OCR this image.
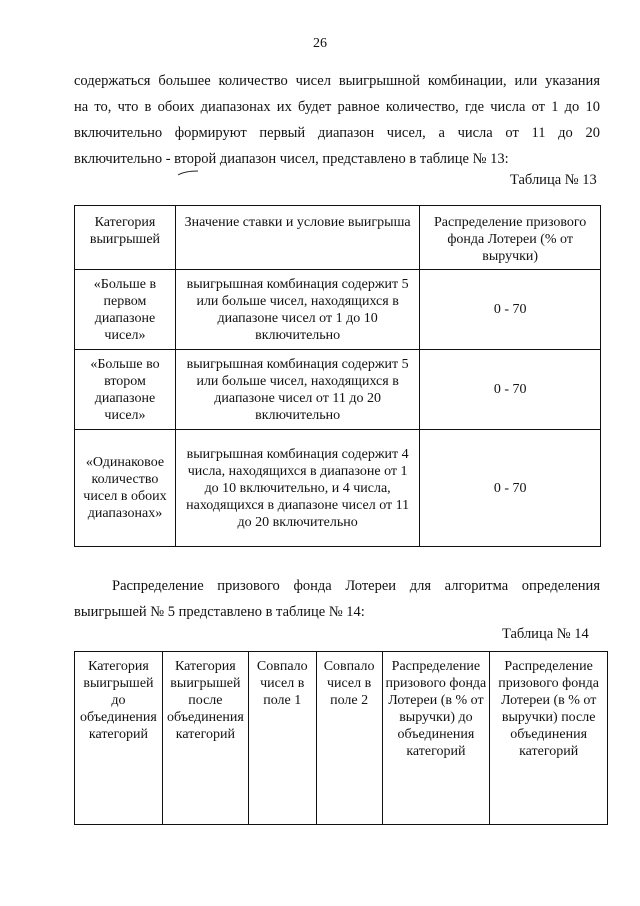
26

содержаться большее количество чисел выигрышной комбинации, или указания

на то, что в обоих диапазонах их будет равное количество, где числа от 1 до 10

включительно формируют первый диапазон чисел, а числа от 11 до 20

включительно - второй диапазон чисел, представлено в таблице № 13:

Таблица № 13
Категория выигрышей	Значение ставки и условие выигрыша	Распределение призового фонда Лотереи (% от выручки)
«Больше в первом диапазоне чисел»	выигрышная комбинация содержит 5 или больше чисел, находящихся в диапазоне чисел от 1 до 10 включительно	0 - 70
«Больше во втором диапазоне чисел»	выигрышная комбинация содержит 5 или больше чисел, находящихся в диапазоне чисел от 11 до 20 включительно	0 - 70
«Одинаковое количество чисел в обоих диапазонах»	выигрышная комбинация содержит 4 числа, находящихся в диапазоне от 1 до 10 включительно, и 4 числа, находящихся в диапазоне чисел от 11 до 20 включительно	0 - 70

Распределение призового фонда Лотереи для алгоритма определения

выигрышей № 5 представлено в таблице № 14:

Таблица № 14
Категория выигрышей до объединения категорий	Категория выигрышей после объединения категорий	Совпало чисел в поле 1	Совпало чисел в поле 2	Распределение призового фонда Лотереи (в % от выручки) до объединения категорий	Распределение призового фонда Лотереи (в % от выручки) после объединения категорий
